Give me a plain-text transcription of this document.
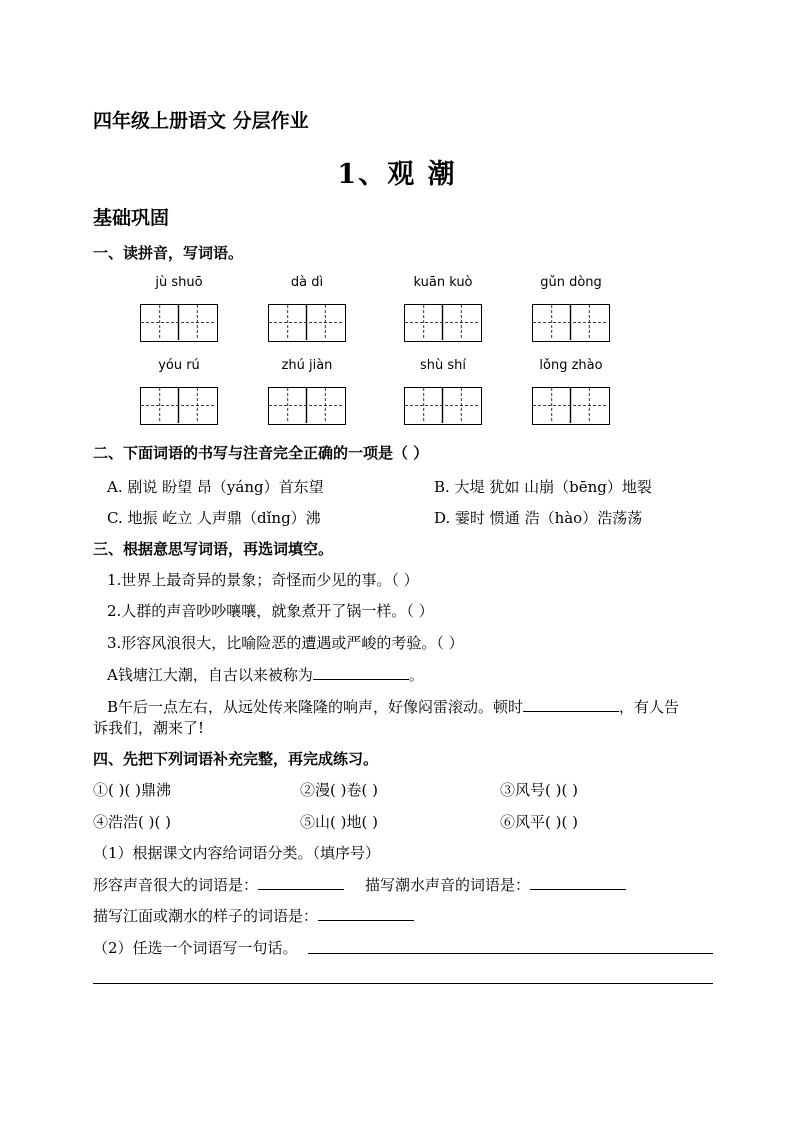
四年级上册语文 分层作业
1、观 潮
基础巩固
一、读拼音，写词语。
jù shuō	dà dì	kuān kuò	gǔn dòng
yóu rú	zhú jiàn	shù shí	lǒng zhào
二、下面词语的书写与注音完全正确的一项是（ ）
A. 剧说 盼望 昂（yáng）首东望	B. 大堤 犹如 山崩（bēng）地裂
C. 地振 屹立 人声鼎（dǐng）沸	D. 霎时 惯通 浩（hào）浩荡荡
三、根据意思写词语，再选词填空。
1.世界上最奇异的景象；奇怪而少见的事。（ ）
2.人群的声音吵吵嚷嚷，就象煮开了锅一样。（ ）
3.形容风浪很大，比喻险恶的遭遇或严峻的考验。（ ）
A钱塘江大潮，自古以来被称为	。
B午后一点左右，从远处传来隆隆的响声，好像闷雷滚动。顿时	，有人告
诉我们，潮来了!
四、先把下列词语补充完整，再完成练习。
①( )( )鼎沸	②漫( )卷( )	③风号( )( )
④浩浩( )( )	⑤山( )地( )	⑥风平( )( )
（1）根据课文内容给词语分类。（填序号）
形容声音很大的词语是：	描写潮水声音的词语是：
描写江面或潮水的样子的词语是：
（2）任选一个词语写一句话。
